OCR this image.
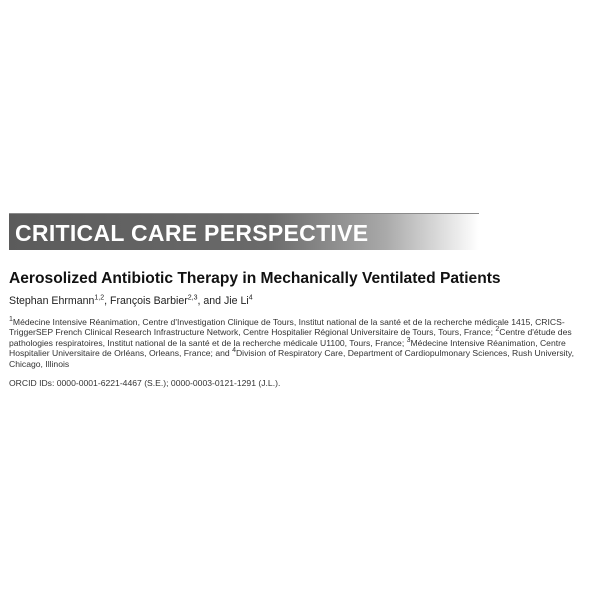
CRITICAL CARE PERSPECTIVE
Aerosolized Antibiotic Therapy in Mechanically Ventilated Patients
Stephan Ehrmann$^{1,2}$, François Barbier$^{2,3}$, and Jie Li$^4$
$^1$Médecine Intensive Réanimation, Centre d'Investigation Clinique de Tours, Institut national de la santé et de la recherche médicale 1415, CRICS-TriggerSEP French Clinical Research Infrastructure Network, Centre Hospitalier Régional Universitaire de Tours, Tours, France; $^2$Centre d'étude des pathologies respiratoires, Institut national de la santé et de la recherche médicale U1100, Tours, France; $^3$Médecine Intensive Réanimation, Centre Hospitalier Universitaire de Orléans, Orleans, France; and $^4$Division of Respiratory Care, Department of Cardiopulmonary Sciences, Rush University, Chicago, Illinois
ORCID IDs: 0000-0001-6221-4467 (S.E.); 0000-0003-0121-1291 (J.L.).
